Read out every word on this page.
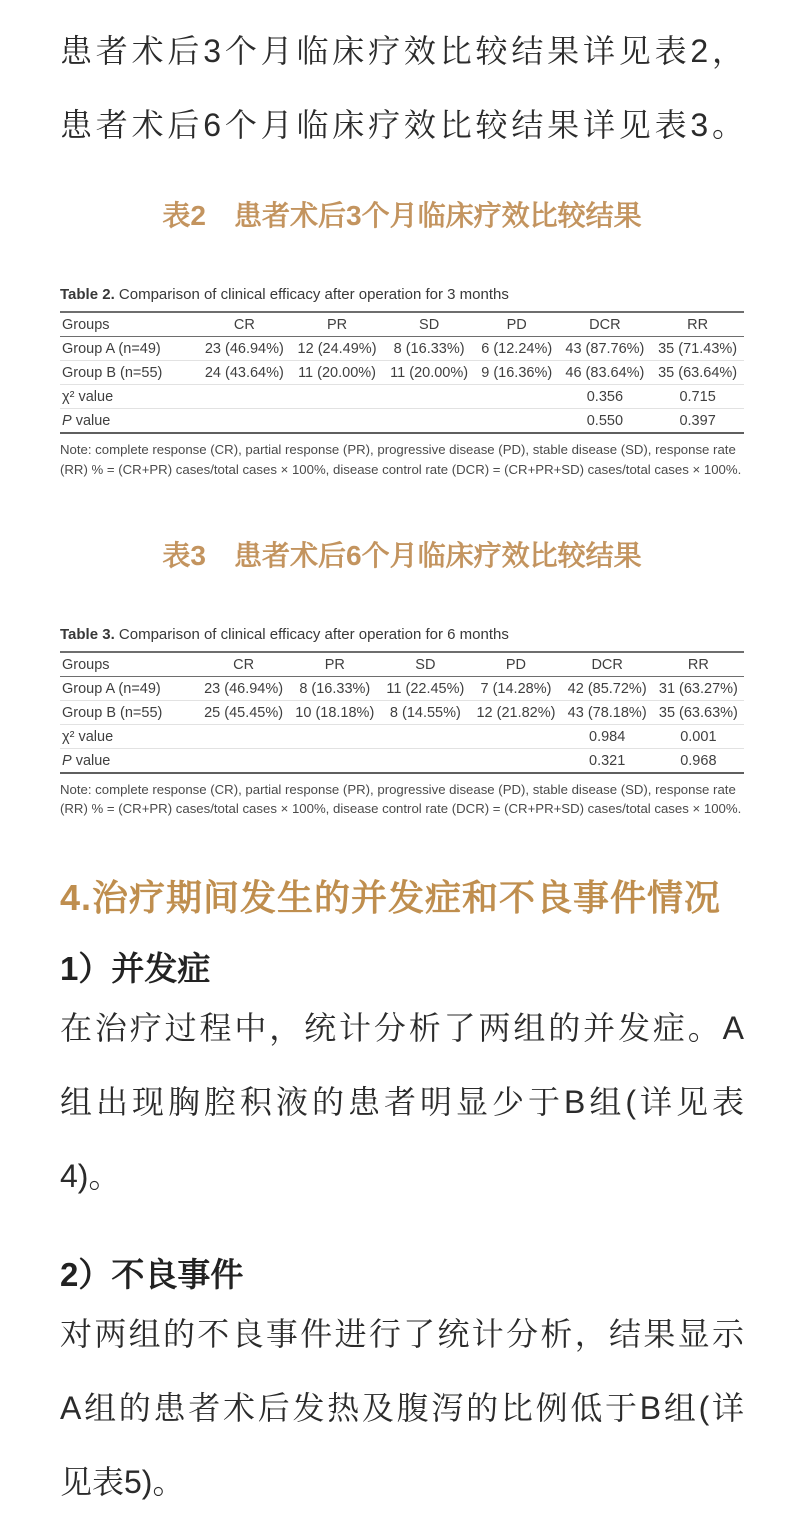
患者术后3个月临床疗效比较结果详见表2，
患者术后6个月临床疗效比较结果详见表3。
表2　患者术后3个月临床疗效比较结果
Table 2. Comparison of clinical efficacy after operation for 3 months
Groups	CR	PR	SD	PD	DCR	RR
Group A (n=49)	23 (46.94%)	12 (24.49%)	8 (16.33%)	6 (12.24%)	43 (87.76%)	35 (71.43%)
Group B (n=55)	24 (43.64%)	11 (20.00%)	11 (20.00%)	9 (16.36%)	46 (83.64%)	35 (63.64%)
χ² value					0.356	0.715
P value					0.550	0.397
Note: complete response (CR), partial response (PR), progressive disease (PD), stable disease (SD), response rate (RR) % = (CR+PR) cases/total cases × 100%, disease control rate (DCR) = (CR+PR+SD) cases/total cases × 100%.
表3　患者术后6个月临床疗效比较结果
Table 3. Comparison of clinical efficacy after operation for 6 months
Groups	CR	PR	SD	PD	DCR	RR
Group A (n=49)	23 (46.94%)	8 (16.33%)	11 (22.45%)	7 (14.28%)	42 (85.72%)	31 (63.27%)
Group B (n=55)	25 (45.45%)	10 (18.18%)	8 (14.55%)	12 (21.82%)	43 (78.18%)	35 (63.63%)
χ² value					0.984	0.001
P value					0.321	0.968
Note: complete response (CR), partial response (PR), progressive disease (PD), stable disease (SD), response rate (RR) % = (CR+PR) cases/total cases × 100%, disease control rate (DCR) = (CR+PR+SD) cases/total cases × 100%.
4.治疗期间发生的并发症和不良事件情况
1）并发症
在治疗过程中，统计分析了两组的并发症。A
组出现胸腔积液的患者明显少于B组(详见表
4)。
2）不良事件
对两组的不良事件进行了统计分析，结果显示
A组的患者术后发热及腹泻的比例低于B组(详
见表5)。
